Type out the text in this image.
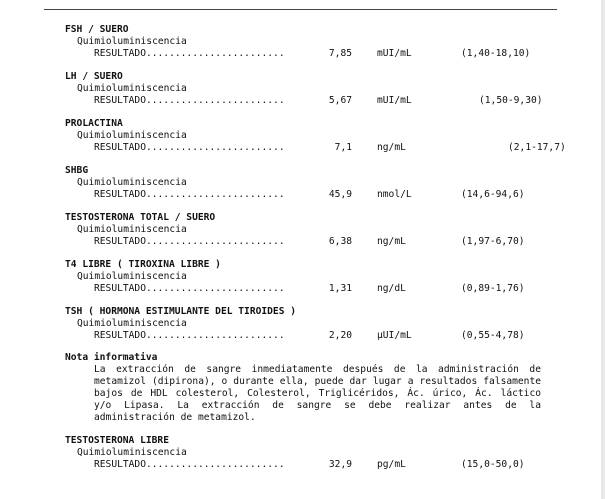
FSH / SUERO
Quimioluminiscencia
RESULTADO........................	7,85	mUI/mL	(1,40-18,10)
LH / SUERO
Quimioluminiscencia
RESULTADO........................	5,67	mUI/mL	(1,50-9,30)
PROLACTINA
Quimioluminiscencia
RESULTADO........................	7,1	ng/mL	(2,1-17,7)
SHBG
Quimioluminiscencia
RESULTADO........................	45,9	nmol/L	(14,6-94,6)
TESTOSTERONA TOTAL / SUERO
Quimioluminiscencia
RESULTADO........................	6,38	ng/mL	(1,97-6,70)
T4 LIBRE ( TIROXINA LIBRE )
Quimioluminiscencia
RESULTADO........................	1,31	ng/dL	(0,89-1,76)
TSH ( HORMONA ESTIMULANTE DEL TIROIDES )
Quimioluminiscencia
RESULTADO........................	2,20	µUI/mL	(0,55-4,78)
Nota informativa
La extracción de sangre inmediatamente después de la administración de metamizol (dipirona), o durante ella, puede dar lugar a resultados falsamente bajos de HDL colesterol, Colesterol, Triglicéridos, Ác. úrico, Ác. láctico y/o Lipasa. La extracción de sangre se debe realizar antes de la administración de metamizol.
TESTOSTERONA LIBRE
Quimioluminiscencia
RESULTADO........................	32,9	pg/mL	(15,0-50,0)
